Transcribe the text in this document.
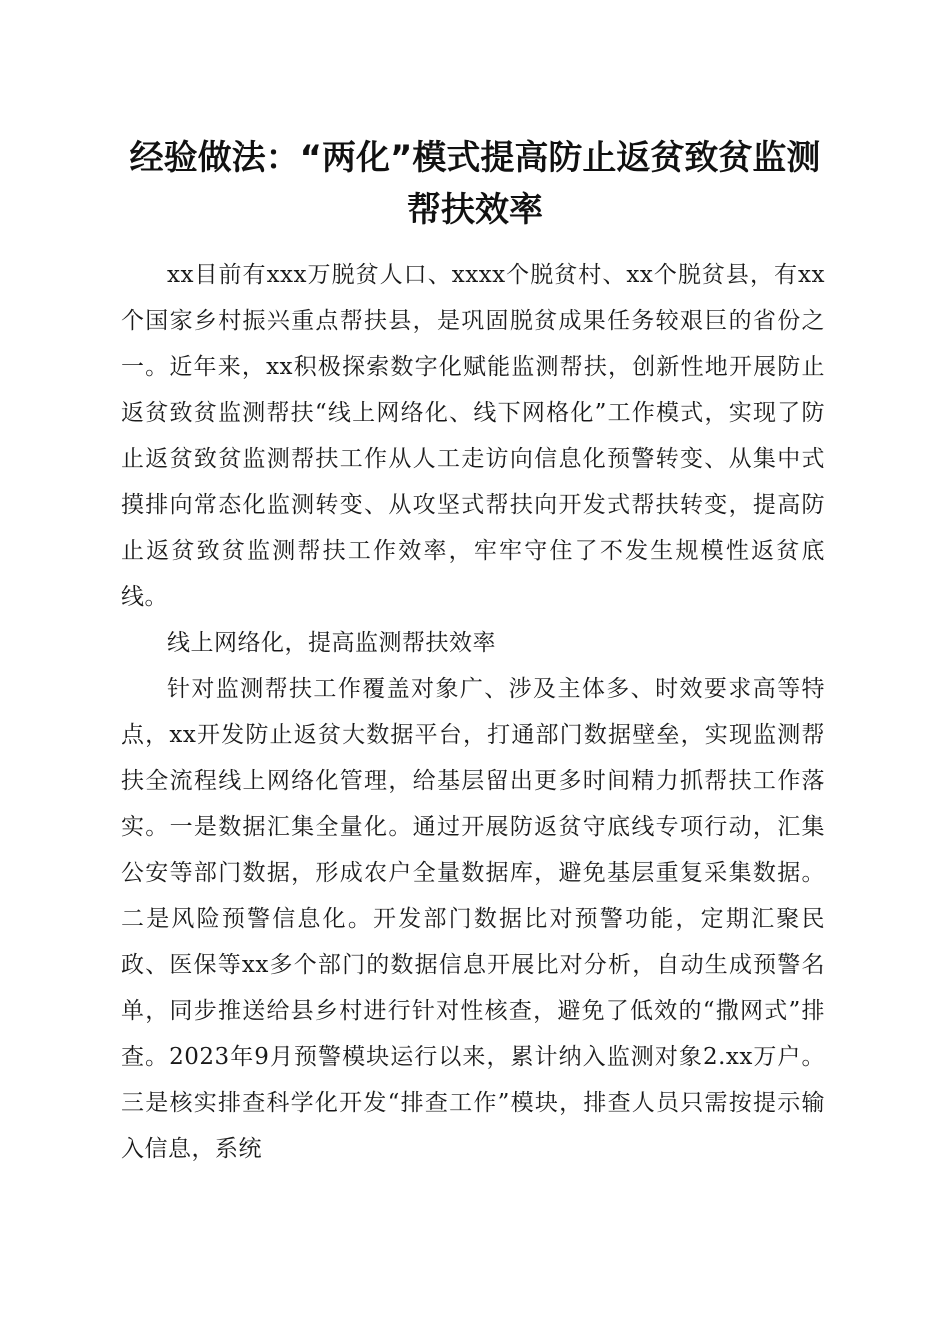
经验做法：“两化”模式提高防止返贫致贫监测帮扶效率

xx目前有xxx万脱贫人口、xxxx个脱贫村、xx个脱贫县，有xx个国家乡村振兴重点帮扶县，是巩固脱贫成果任务较艰巨的省份之一。近年来，xx积极探索数字化赋能监测帮扶，创新性地开展防止返贫致贫监测帮扶“线上网络化、线下网格化”工作模式，实现了防止返贫致贫监测帮扶工作从人工走访向信息化预警转变、从集中式摸排向常态化监测转变、从攻坚式帮扶向开发式帮扶转变，提高防止返贫致贫监测帮扶工作效率，牢牢守住了不发生规模性返贫底线。

线上网络化，提高监测帮扶效率

针对监测帮扶工作覆盖对象广、涉及主体多、时效要求高等特点，xx开发防止返贫大数据平台，打通部门数据壁垒，实现监测帮扶全流程线上网络化管理，给基层留出更多时间精力抓帮扶工作落实。一是数据汇集全量化。通过开展防返贫守底线专项行动，汇集公安等部门数据，形成农户全量数据库，避免基层重复采集数据。二是风险预警信息化。开发部门数据比对预警功能，定期汇聚民政、医保等xx多个部门的数据信息开展比对分析，自动生成预警名单，同步推送给县乡村进行针对性核查，避免了低效的“撒网式”排查。2023年9月预警模块运行以来，累计纳入监测对象2.xx万户。三是核实排查科学化开发“排查工作”模块，排查人员只需按提示输入信息，系统
